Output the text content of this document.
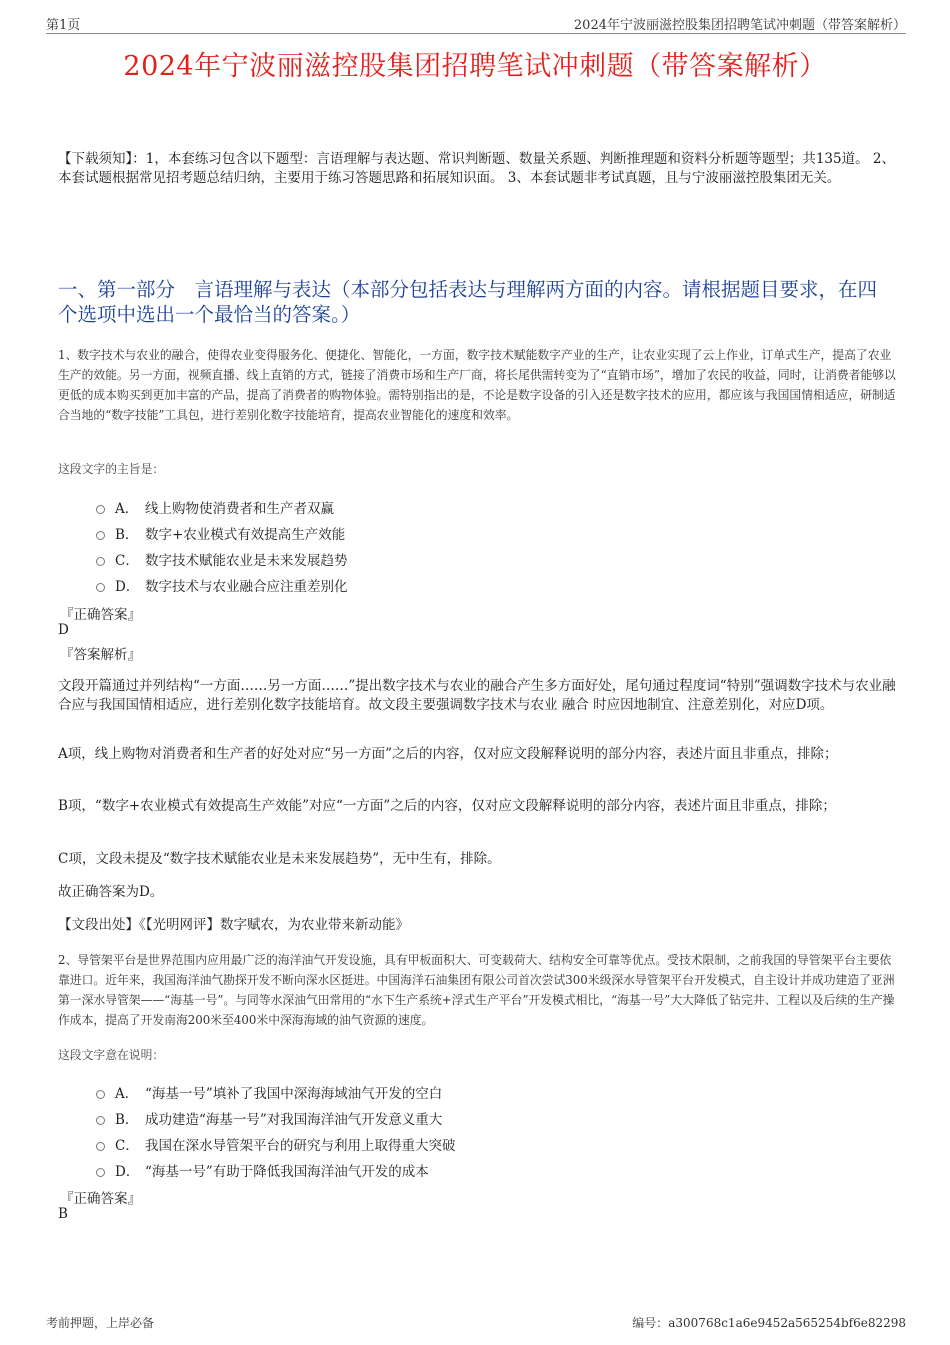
第1页	2024年宁波丽滋控股集团招聘笔试冲刺题（带答案解析）
2024年宁波丽滋控股集团招聘笔试冲刺题（带答案解析）
【下载须知】：1，本套练习包含以下题型：言语理解与表达题、常识判断题、数量关系题、判断推理题和资料分析题等题型；共135道。 2、本套试题根据常见招考题总结归纳，主要用于练习答题思路和拓展知识面。 3、本套试题非考试真题，且与宁波丽滋控股集团无关。
一、第一部分　言语理解与表达（本部分包括表达与理解两方面的内容。请根据题目要求，在四个选项中选出一个最恰当的答案。）
1、数字技术与农业的融合，使得农业变得服务化、便捷化、智能化，一方面，数字技术赋能数字产业的生产，让农业实现了云上作业，订单式生产，提高了农业生产的效能。另一方面，视频直播、线上直销的方式，链接了消费市场和生产厂商，将长尾供需转变为了“直销市场”，增加了农民的收益，同时，让消费者能够以更低的成本购买到更加丰富的产品，提高了消费者的购物体验。需特别指出的是，不论是数字设备的引入还是数字技术的应用，都应该与我国国情相适应，研制适合当地的“数字技能”工具包，进行差别化数字技能培育，提高农业智能化的速度和效率。
这段文字的主旨是：
A． 线上购物使消费者和生产者双赢
B． 数字+农业模式有效提高生产效能
C． 数字技术赋能农业是未来发展趋势
D． 数字技术与农业融合应注重差别化
『正确答案』
D
『答案解析』
文段开篇通过并列结构“一方面……另一方面……”提出数字技术与农业的融合产生多方面好处，尾句通过程度词“特别”强调数字技术与农业融合应与我国国情相适应，进行差别化数字技能培育。故文段主要强调数字技术与农业 融合 时应因地制宜、注意差别化，对应D项。
A项，线上购物对消费者和生产者的好处对应“另一方面”之后的内容，仅对应文段解释说明的部分内容，表述片面且非重点，排除；
B项，“数字+农业模式有效提高生产效能”对应“一方面”之后的内容，仅对应文段解释说明的部分内容，表述片面且非重点，排除；
C项，文段未提及“数字技术赋能农业是未来发展趋势”，无中生有，排除。
故正确答案为D。
【文段出处】《【光明网评】数字赋农，为农业带来新动能》
2、导管架平台是世界范围内应用最广泛的海洋油气开发设施，具有甲板面积大、可变载荷大、结构安全可靠等优点。受技术限制，之前我国的导管架平台主要依靠进口。近年来，我国海洋油气勘探开发不断向深水区挺进。中国海洋石油集团有限公司首次尝试300米级深水导管架平台开发模式，自主设计并成功建造了亚洲第一深水导管架——“海基一号”。与同等水深油气田常用的“水下生产系统+浮式生产平台”开发模式相比，“海基一号”大大降低了钻完井、工程以及后续的生产操作成本，提高了开发南海200米至400米中深海海域的油气资源的速度。
这段文字意在说明：
A． “海基一号”填补了我国中深海海域油气开发的空白
B． 成功建造“海基一号”对我国海洋油气开发意义重大
C． 我国在深水导管架平台的研究与利用上取得重大突破
D． “海基一号”有助于降低我国海洋油气开发的成本
『正确答案』
B
考前押题，上岸必备	编号：a300768c1a6e9452a565254bf6e82298
